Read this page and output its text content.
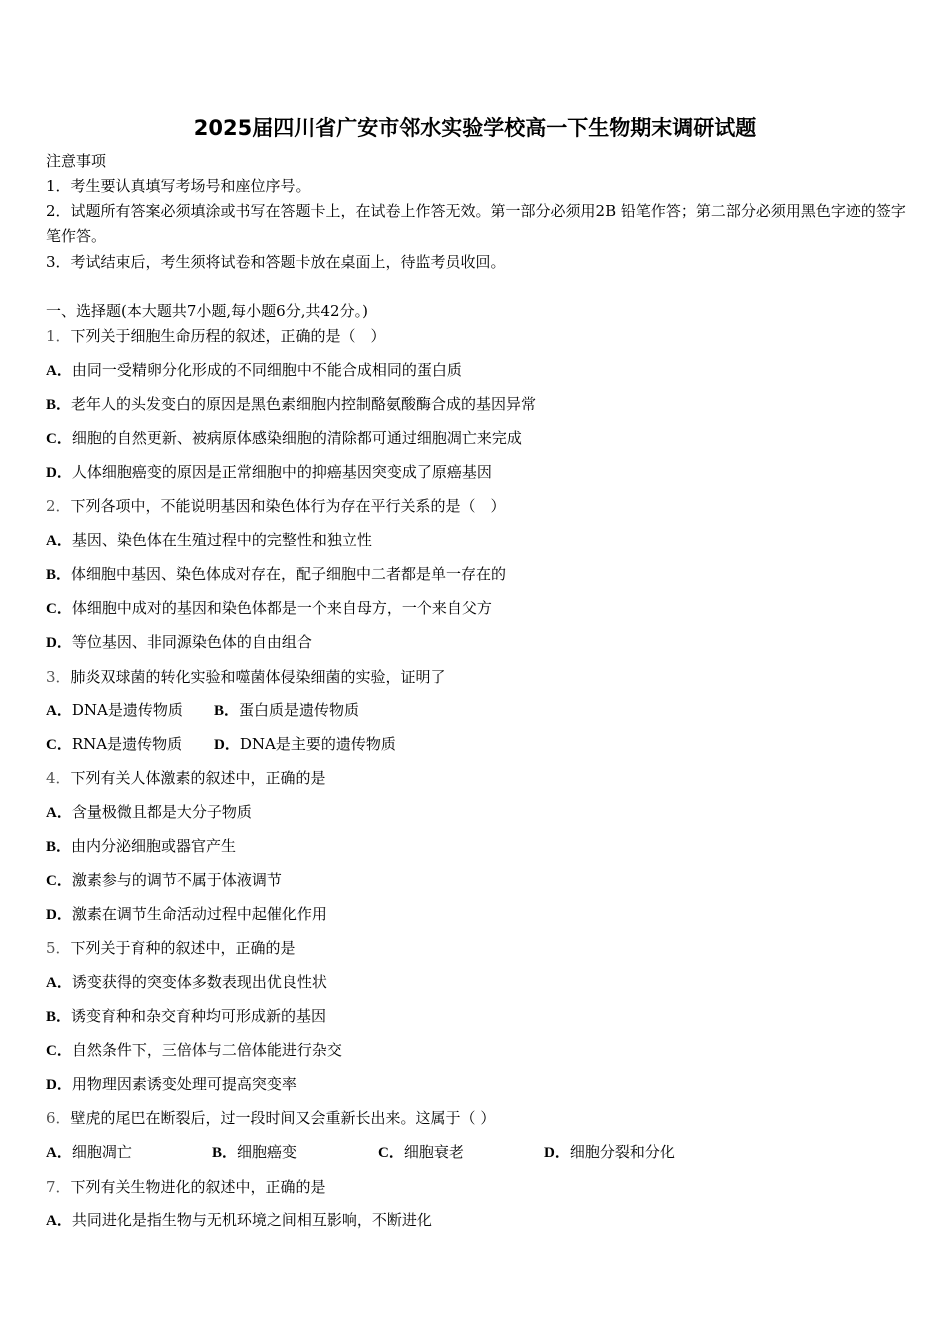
2025届四川省广安市邻水实验学校高一下生物期末调研试题
注意事项
1．考生要认真填写考场号和座位序号。
2．试题所有答案必须填涂或书写在答题卡上，在试卷上作答无效。第一部分必须用2B 铅笔作答；第二部分必须用黑色字迹的签字笔作答。
3．考试结束后，考生须将试卷和答题卡放在桌面上，待监考员收回。
一、选择题(本大题共7小题,每小题6分,共42分。)
1．下列关于细胞生命历程的叙述，正确的是（　）
A．由同一受精卵分化形成的不同细胞中不能合成相同的蛋白质
B．老年人的头发变白的原因是黑色素细胞内控制酪氨酸酶合成的基因异常
C．细胞的自然更新、被病原体感染细胞的清除都可通过细胞凋亡来完成
D．人体细胞癌变的原因是正常细胞中的抑癌基因突变成了原癌基因
2．下列各项中，不能说明基因和染色体行为存在平行关系的是（　）
A．基因、染色体在生殖过程中的完整性和独立性
B．体细胞中基因、染色体成对存在，配子细胞中二者都是单一存在的
C．体细胞中成对的基因和染色体都是一个来自母方，一个来自父方
D．等位基因、非同源染色体的自由组合
3．肺炎双球菌的转化实验和噬菌体侵染细菌的实验，证明了
A．DNA是遗传物质 B．蛋白质是遗传物质
C．RNA是遗传物质 D．DNA是主要的遗传物质
4．下列有关人体激素的叙述中，正确的是
A．含量极微且都是大分子物质
B．由内分泌细胞或器官产生
C．激素参与的调节不属于体液调节
D．激素在调节生命活动过程中起催化作用
5．下列关于育种的叙述中，正确的是
A．诱变获得的突变体多数表现出优良性状
B．诱变育种和杂交育种均可形成新的基因
C．自然条件下，三倍体与二倍体能进行杂交
D．用物理因素诱变处理可提高突变率
6．壁虎的尾巴在断裂后，过一段时间又会重新长出来。这属于（ ）
A．细胞凋亡	B．细胞癌变	C．细胞衰老	D．细胞分裂和分化
7．下列有关生物进化的叙述中，正确的是
A．共同进化是指生物与无机环境之间相互影响，不断进化
